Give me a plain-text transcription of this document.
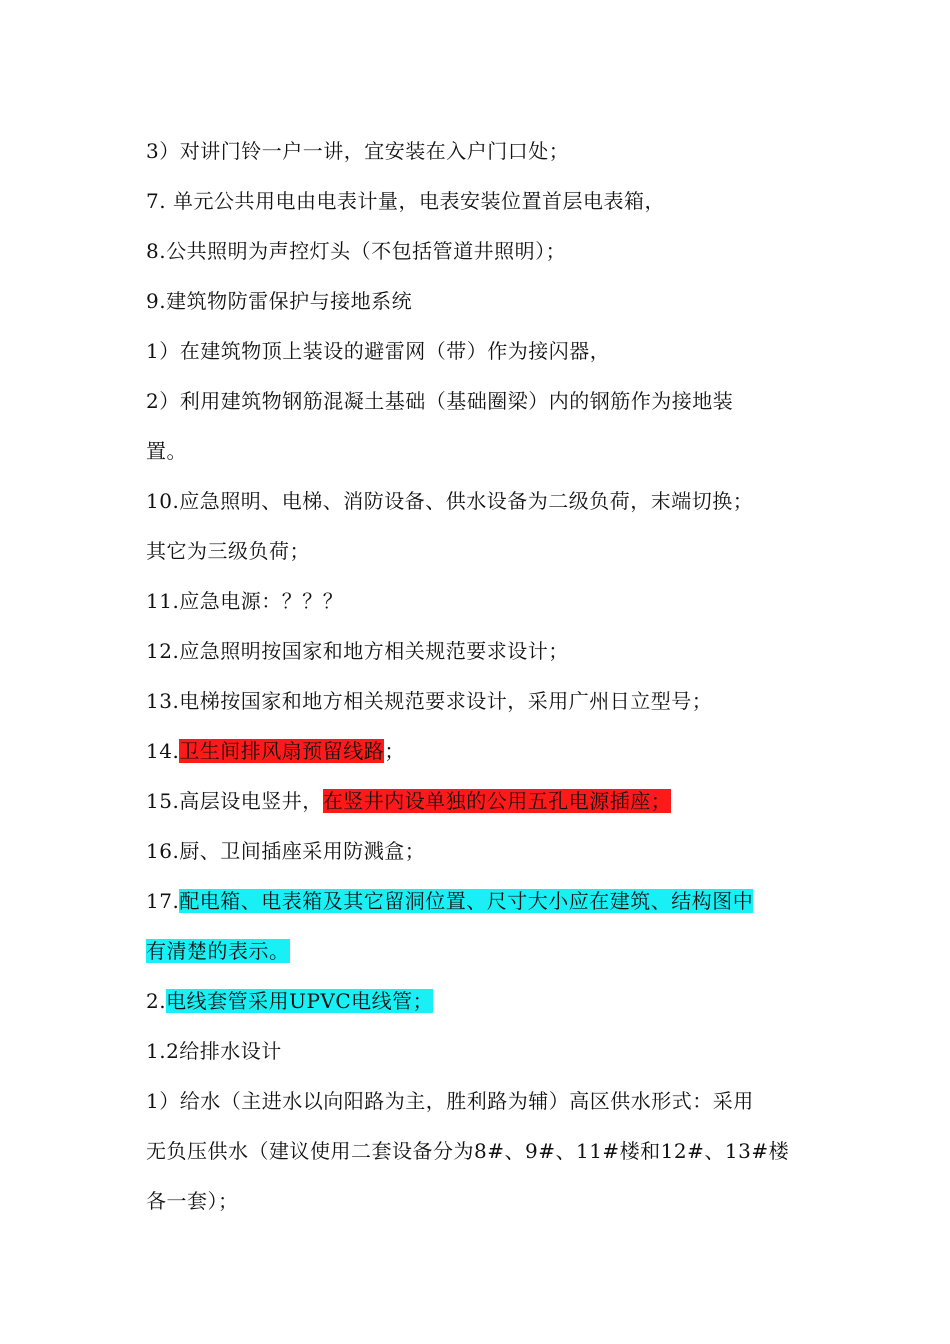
3）对讲门铃一户一讲，宜安装在入户门口处；
7. 单元公共用电由电表计量，电表安装位置首层电表箱，
8.公共照明为声控灯头（不包括管道井照明）；
9.建筑物防雷保护与接地系统
1）在建筑物顶上装设的避雷网（带）作为接闪器，
2）利用建筑物钢筋混凝土基础（基础圈梁）内的钢筋作为接地装
置。
10.应急照明、电梯、消防设备、供水设备为二级负荷，末端切换；
其它为三级负荷；
11.应急电源：？？？
12.应急照明按国家和地方相关规范要求设计；
13.电梯按国家和地方相关规范要求设计，采用广州日立型号；
14.卫生间排风扇预留线路；
15.高层设电竖井，在竖井内设单独的公用五孔电源插座；
16.厨、卫间插座采用防溅盒；
17.配电箱、电表箱及其它留洞位置、尺寸大小应在建筑、结构图中
有清楚的表示。
2.电线套管采用UPVC电线管；
1.2给排水设计
1）给水（主进水以向阳路为主，胜利路为辅）高区供水形式：采用
无负压供水（建议使用二套设备分为8#、9#、11#楼和12#、13#楼
各一套）；
